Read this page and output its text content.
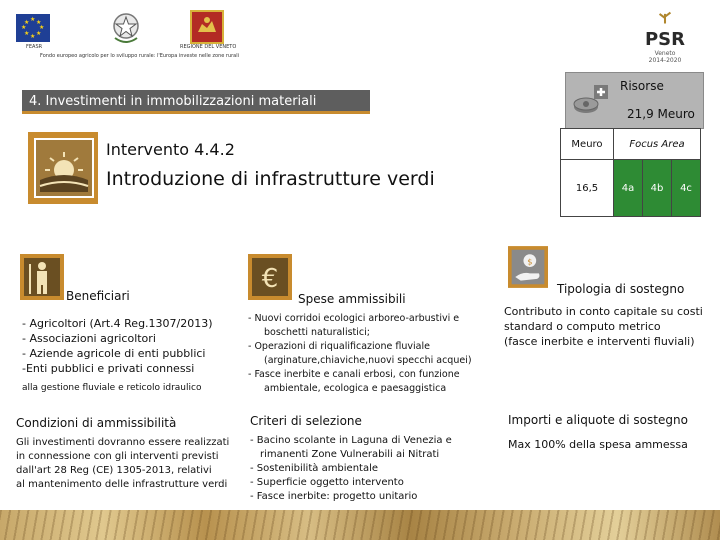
★
★ ★
★ ★
★ ★
★
FEASR	REGIONE DEL VENETO
Fondo europeo agricolo per lo sviluppo rurale: l'Europa investe nelle zone rurali
PSR
Veneto
2014-2020
4. Investimenti in immobilizzazioni materiali
Intervento 4.4.2
Introduzione di infrastrutture verdi
Risorse
21,9 Meuro
Meuro	Focus Area		
16,5	4a	4b	4c
Beneficiari
- Agricoltori (Art.4 Reg.1307/2013)
- Associazioni agricoltori
- Aziende agricole di enti pubblici
-Enti pubblici e privati connessi
alla gestione fluviale e reticolo idraulico
€
Spese ammissibili
- Nuovi corridoi ecologici arboreo-arbustivi e
boschetti naturalistici;
- Operazioni di riqualificazione fluviale
(arginature,chiaviche,nuovi specchi acquei)
- Fasce inerbite e canali erbosi, con funzione
ambientale, ecologica e paesaggistica
$
Tipologia di sostegno
Contributo in conto capitale su costi
standard o computo metrico
(fasce inerbite e interventi fluviali)
Condizioni di ammissibilità
Gli investimenti dovranno essere realizzati
in connessione con gli interventi previsti
dall'art 28 Reg (CE) 1305-2013, relativi
al mantenimento delle infrastrutture verdi
Criteri di selezione
- Bacino scolante in Laguna di Venezia e
rimanenti Zone Vulnerabili ai Nitrati
- Sostenibilità ambientale
- Superficie oggetto intervento
- Fasce inerbite: progetto unitario
Importi e aliquote di sostegno
Max 100% della spesa ammessa
